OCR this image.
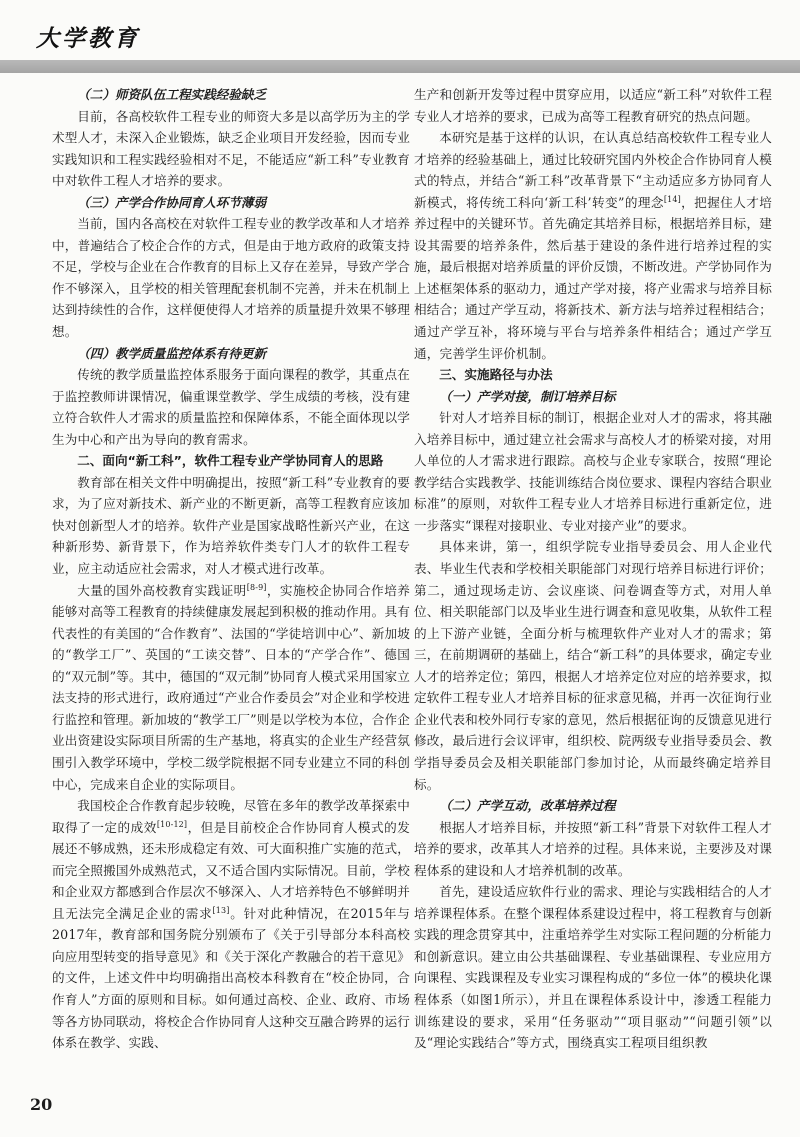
大学教育

（二）师资队伍工程实践经验缺乏

目前，各高校软件工程专业的师资大多是以高学历为主的学术型人才，未深入企业锻炼，缺乏企业项目开发经验，因而专业实践知识和工程实践经验相对不足，不能适应“新工科”专业教育中对软件工程人才培养的要求。

（三）产学合作协同育人环节薄弱

当前，国内各高校在对软件工程专业的教学改革和人才培养中，普遍结合了校企合作的方式，但是由于地方政府的政策支持不足，学校与企业在合作教育的目标上又存在差异，导致产学合作不够深入，且学校的相关管理配套机制不完善，并未在机制上达到持续性的合作，这样便使得人才培养的质量提升效果不够理想。

（四）教学质量监控体系有待更新

传统的教学质量监控体系服务于面向课程的教学，其重点在于监控教师讲课情况，偏重课堂教学、学生成绩的考核，没有建立符合软件人才需求的质量监控和保障体系，不能全面体现以学生为中心和产出为导向的教育需求。

二、面向“新工科”，软件工程专业产学协同育人的思路

教育部在相关文件中明确提出，按照“新工科”专业教育的要求，为了应对新技术、新产业的不断更新，高等工程教育应该加快对创新型人才的培养。软件产业是国家战略性新兴产业，在这种新形势、新背景下，作为培养软件类专门人才的软件工程专业，应主动适应社会需求，对人才模式进行改革。

大量的国外高校教育实践证明[8-9]，实施校企协同合作培养能够对高等工程教育的持续健康发展起到积极的推动作用。具有代表性的有美国的“合作教育”、法国的“学徒培训中心”、新加坡的“教学工厂”、英国的“工读交替”、日本的“产学合作”、德国的“双元制”等。其中，德国的“双元制”协同育人模式采用国家立法支持的形式进行，政府通过“产业合作委员会”对企业和学校进行监控和管理。新加坡的“教学工厂”则是以学校为本位，合作企业出资建设实际项目所需的生产基地，将真实的企业生产经营氛围引入教学环境中，学校二级学院根据不同专业建立不同的科创中心，完成来自企业的实际项目。

我国校企合作教育起步较晚，尽管在多年的教学改革探索中取得了一定的成效[10-12]，但是目前校企合作协同育人模式的发展还不够成熟，还未形成稳定有效、可大面积推广实施的范式，而完全照搬国外成熟范式，又不适合国内实际情况。目前，学校和企业双方都感到合作层次不够深入、人才培养特色不够鲜明并且无法完全满足企业的需求[13]。针对此种情况，在2015年与2017年，教育部和国务院分别颁布了《关于引导部分本科高校向应用型转变的指导意见》和《关于深化产教融合的若干意见》的文件，上述文件中均明确指出高校本科教育在“校企协同，合作育人”方面的原则和目标。如何通过高校、企业、政府、市场等各方协同联动，将校企合作协同育人这种交互融合跨界的运行体系在教学、实践、

生产和创新开发等过程中贯穿应用，以适应“新工科”对软件工程专业人才培养的要求，已成为高等工程教育研究的热点问题。

本研究是基于这样的认识，在认真总结高校软件工程专业人才培养的经验基础上，通过比较研究国内外校企合作协同育人模式的特点，并结合“新工科”改革背景下“主动适应多方协同育人新模式，将传统工科向‘新工科’转变”的理念[14]，把握住人才培养过程中的关键环节。首先确定其培养目标，根据培养目标，建设其需要的培养条件，然后基于建设的条件进行培养过程的实施，最后根据对培养质量的评价反馈，不断改进。产学协同作为上述框架体系的驱动力，通过产学对接，将产业需求与培养目标相结合；通过产学互动，将新技术、新方法与培养过程相结合；通过产学互补，将环境与平台与培养条件相结合；通过产学互通，完善学生评价机制。

三、实施路径与办法

（一）产学对接，制订培养目标

针对人才培养目标的制订，根据企业对人才的需求，将其融入培养目标中，通过建立社会需求与高校人才的桥梁对接，对用人单位的人才需求进行跟踪。高校与企业专家联合，按照“理论教学结合实践教学、技能训练结合岗位要求、课程内容结合职业标准”的原则，对软件工程专业人才培养目标进行重新定位，进一步落实“课程对接职业、专业对接产业”的要求。

具体来讲，第一，组织学院专业指导委员会、用人企业代表、毕业生代表和学校相关职能部门对现行培养目标进行评价；第二，通过现场走访、会议座谈、问卷调查等方式，对用人单位、相关职能部门以及毕业生进行调查和意见收集，从软件工程的上下游产业链，全面分析与梳理软件产业对人才的需求；第三，在前期调研的基础上，结合“新工科”的具体要求，确定专业人才的培养定位；第四，根据人才培养定位对应的培养要求，拟定软件工程专业人才培养目标的征求意见稿，并再一次征询行业企业代表和校外同行专家的意见，然后根据征询的反馈意见进行修改，最后进行会议评审，组织校、院两级专业指导委员会、教学指导委员会及相关职能部门参加讨论，从而最终确定培养目标。

（二）产学互动，改革培养过程

根据人才培养目标，并按照“新工科”背景下对软件工程人才培养的要求，改革其人才培养的过程。具体来说，主要涉及对课程体系的建设和人才培养机制的改革。

首先，建设适应软件行业的需求、理论与实践相结合的人才培养课程体系。在整个课程体系建设过程中，将工程教育与创新实践的理念贯穿其中，注重培养学生对实际工程问题的分析能力和创新意识。建立由公共基础课程、专业基础课程、专业应用方向课程、实践课程及专业实习课程构成的“多位一体”的模块化课程体系（如图1所示），并且在课程体系设计中，渗透工程能力训练建设的要求，采用“任务驱动”“项目驱动”“问题引领”以及“理论实践结合”等方式，围绕真实工程项目组织教

20
